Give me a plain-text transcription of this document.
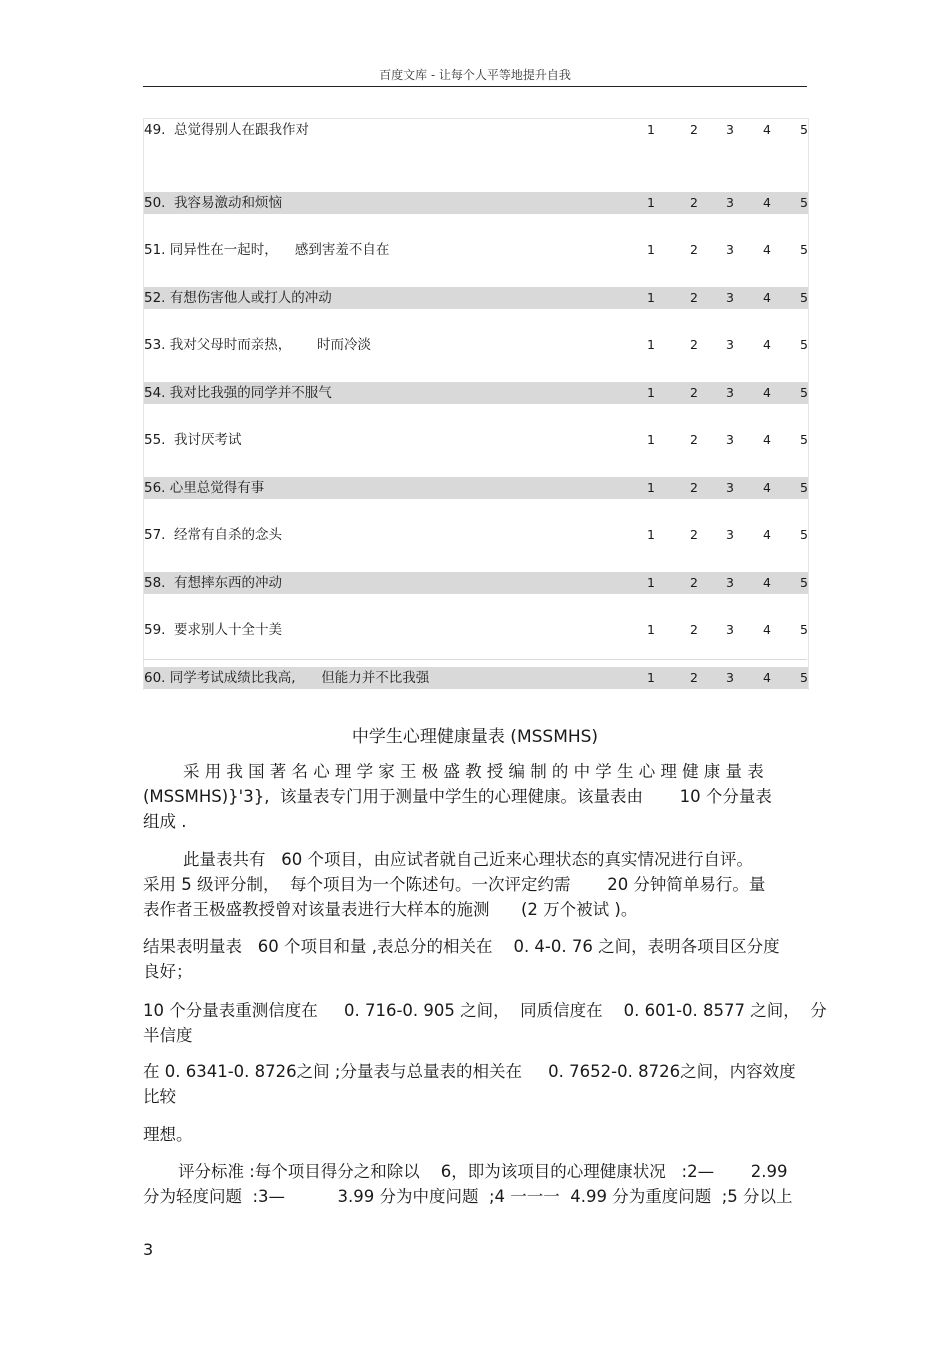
百度文库 - 让每个人平等地提升自我
49.  总觉得别人在跟我作对	1	2 3 4 5
50.  我容易激动和烦恼	1	2 3 4 5
51. 同异性在一起时，    感到害羞不自在	1	2 3 4 5
52. 有想伤害他人或打人的冲动	1	2 3 4 5
53. 我对父母时而亲热，      时而冷淡	1	2 3 4 5
54. 我对比我强的同学并不服气	1	2 3 4 5
55.  我讨厌考试	1	2 3 4 5
56. 心里总觉得有事	1	2 3 4 5
57.  经常有自杀的念头	1	2 3 4 5
58.  有想摔东西的冲动	1	2 3 4 5
59.  要求别人十全十美	1	2 3 4 5
60. 同学考试成绩比我高,      但能力并不比我强	1	2 3 4 5
中学生心理健康量表 (MSSMHS)
采用我国著名心理学家王极盛教授编制的中学生心理健康量表
(MSSMHS)}'3},  该量表专门用于测量中学生的心理健康。该量表由       10 个分量表
组成 .
此量表共有   60 个项目，由应试者就自己近来心理状态的真实情况进行自评。
采用 5 级评分制，  每个项目为一个陈述句。一次评定约需       20 分钟简单易行。量
表作者王极盛教授曾对该量表进行大样本的施测      (2 万个被试 )。
结果表明量表   60 个项目和量 ,表总分的相关在    0. 4-0. 76 之间，表明各项目区分度
良好；
10 个分量表重测信度在     0. 716-0. 905 之间，  同质信度在    0. 601-0. 8577 之间，  分
半信度
在 0. 6341-0. 8726之间 ;分量表与总量表的相关在     0. 7652-0. 8726之间，内容效度
比较
理想。
评分标准 :每个项目得分之和除以    6，即为该项目的心理健康状况   :2—       2.99
分为轻度问题  :3—          3.99 分为中度问题  ;4 一一一  4.99 分为重度问题  ;5 分以上
3
